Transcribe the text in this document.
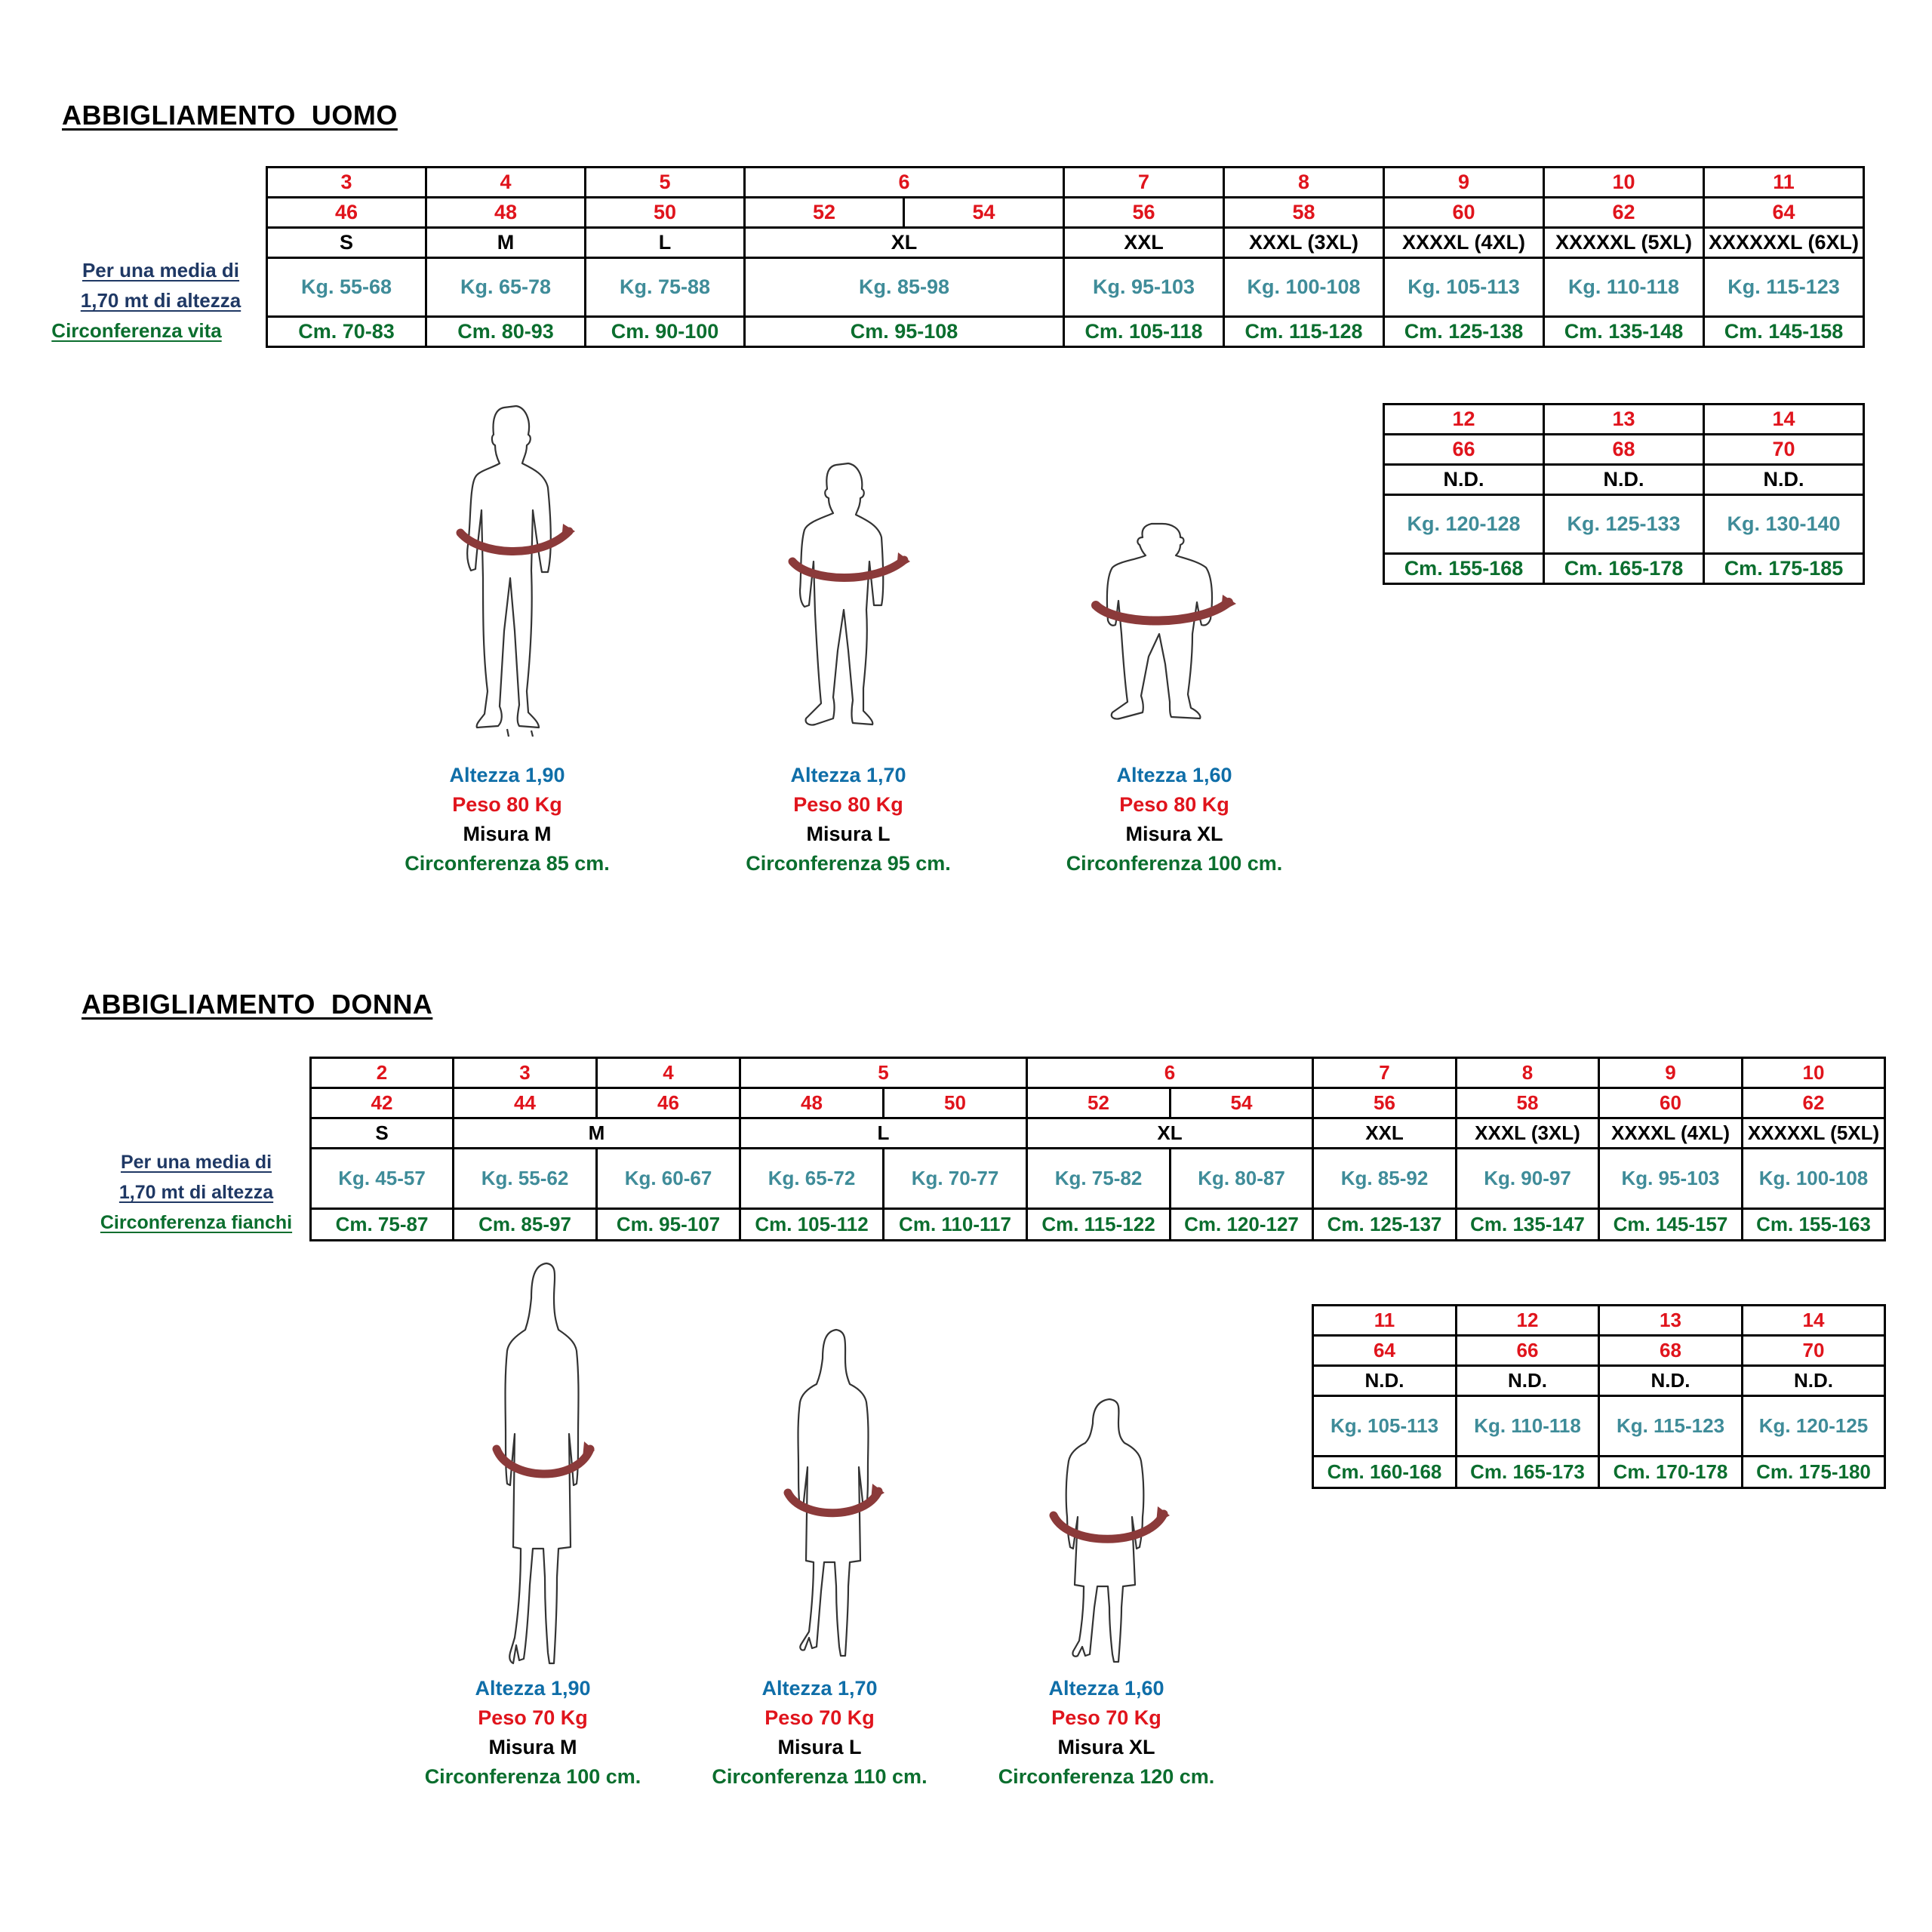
ABBIGLIAMENTO  UOMO
Per una media di
1,70 mt di altezza
Circonferenza vita
3	4	5	6		7	8	9	10	11
46	48	50	52	54	56	58	60	62	64
S	M	L	XL		XXL	XXXL (3XL)	XXXXL (4XL)	XXXXXL (5XL)	XXXXXXL (6XL)
Kg. 55-68	Kg. 65-78	Kg. 75-88	Kg. 85-98		Kg. 95-103	Kg. 100-108	Kg. 105-113	Kg. 110-118	Kg. 115-123
Cm. 70-83	Cm. 80-93	Cm. 90-100	Cm. 95-108		Cm. 105-118	Cm. 115-128	Cm. 125-138	Cm. 135-148	Cm. 145-158
12	13	14
66	68	70
N.D.	N.D.	N.D.
Kg. 120-128	Kg. 125-133	Kg. 130-140
Cm. 155-168	Cm. 165-178	Cm. 175-185
Altezza 1,90
Peso 80 Kg
Misura M
Circonferenza 85 cm.
Altezza 1,70
Peso 80 Kg
Misura L
Circonferenza 95 cm.
Altezza 1,60
Peso 80 Kg
Misura XL
Circonferenza 100 cm.
ABBIGLIAMENTO  DONNA
Per una media di
1,70 mt di altezza
Circonferenza fianchi
2	3	4	5		6		7	8	9	10
42	44	46	48	50	52	54	56	58	60	62
S	M		L		XL		XXL	XXXL (3XL)	XXXXL (4XL)	XXXXXL (5XL)
Kg. 45-57	Kg. 55-62	Kg. 60-67	Kg. 65-72	Kg. 70-77	Kg. 75-82	Kg. 80-87	Kg. 85-92	Kg. 90-97	Kg. 95-103	Kg. 100-108
Cm. 75-87	Cm. 85-97	Cm. 95-107	Cm. 105-112	Cm. 110-117	Cm. 115-122	Cm. 120-127	Cm. 125-137	Cm. 135-147	Cm. 145-157	Cm. 155-163
11	12	13	14
64	66	68	70
N.D.	N.D.	N.D.	N.D.
Kg. 105-113	Kg. 110-118	Kg. 115-123	Kg. 120-125
Cm. 160-168	Cm. 165-173	Cm. 170-178	Cm. 175-180
Altezza 1,90
Peso 70 Kg
Misura M
Circonferenza 100 cm.
Altezza 1,70
Peso 70 Kg
Misura L
Circonferenza 110 cm.
Altezza 1,60
Peso 70 Kg
Misura XL
Circonferenza 120 cm.
